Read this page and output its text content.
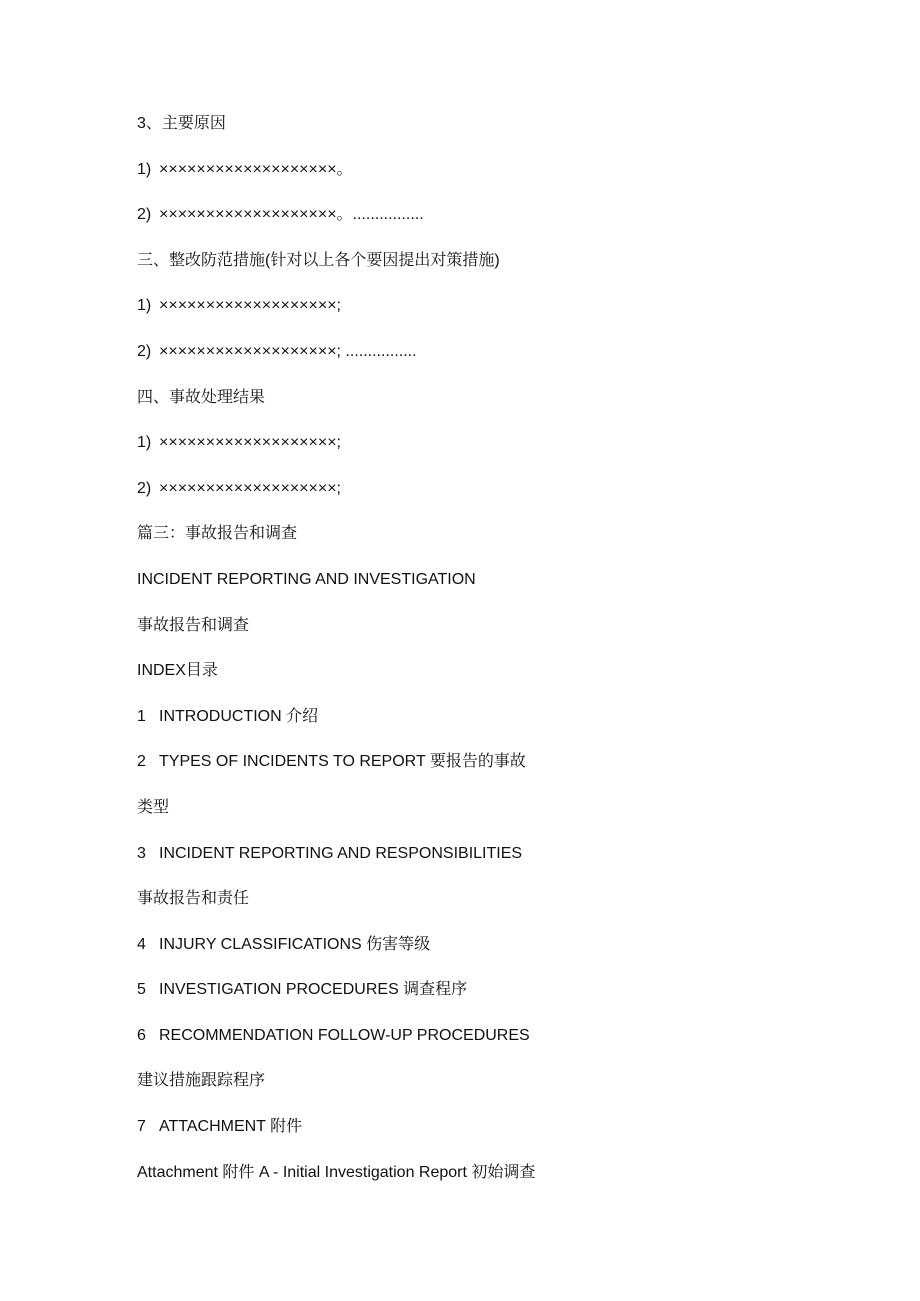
3、主要原因
1) ×××××××××××××××××××。
2) ×××××××××××××××××××。................
三、整改防范措施(针对以上各个要因提出对策措施)
1) ×××××××××××××××××××;
2) ×××××××××××××××××××; ................
四、事故处理结果
1) ×××××××××××××××××××;
2) ×××××××××××××××××××;
篇三：事故报告和调查
INCIDENT REPORTING AND INVESTIGATION
事故报告和调查
INDEX目录
1 INTRODUCTION 介绍
2 TYPES OF INCIDENTS TO REPORT 要报告的事故
类型
3 INCIDENT REPORTING AND RESPONSIBILITIES
事故报告和责任
4 INJURY CLASSIFICATIONS 伤害等级
5 INVESTIGATION PROCEDURES 调查程序
6 RECOMMENDATION FOLLOW-UP PROCEDURES
建议措施跟踪程序
7 ATTACHMENT 附件
Attachment 附件 A - Initial Investigation Report 初始调查
